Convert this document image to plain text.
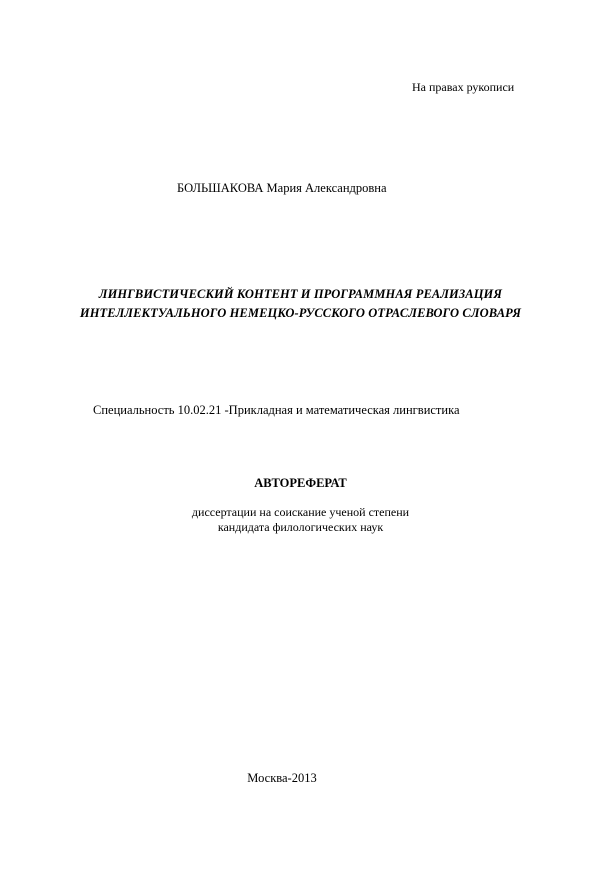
На правах рукописи
БОЛЬШАКОВА Мария Александровна
ЛИНГВИСТИЧЕСКИЙ КОНТЕНТ И ПРОГРАММНАЯ РЕАЛИЗАЦИЯ
ИНТЕЛЛЕКТУАЛЬНОГО НЕМЕЦКО-РУССКОГО ОТРАСЛЕВОГО СЛОВАРЯ
Специальность 10.02.21 -Прикладная и математическая лингвистика
АВТОРЕФЕРАТ
диссертации на соискание ученой степени
кандидата филологических наук
Москва-2013
